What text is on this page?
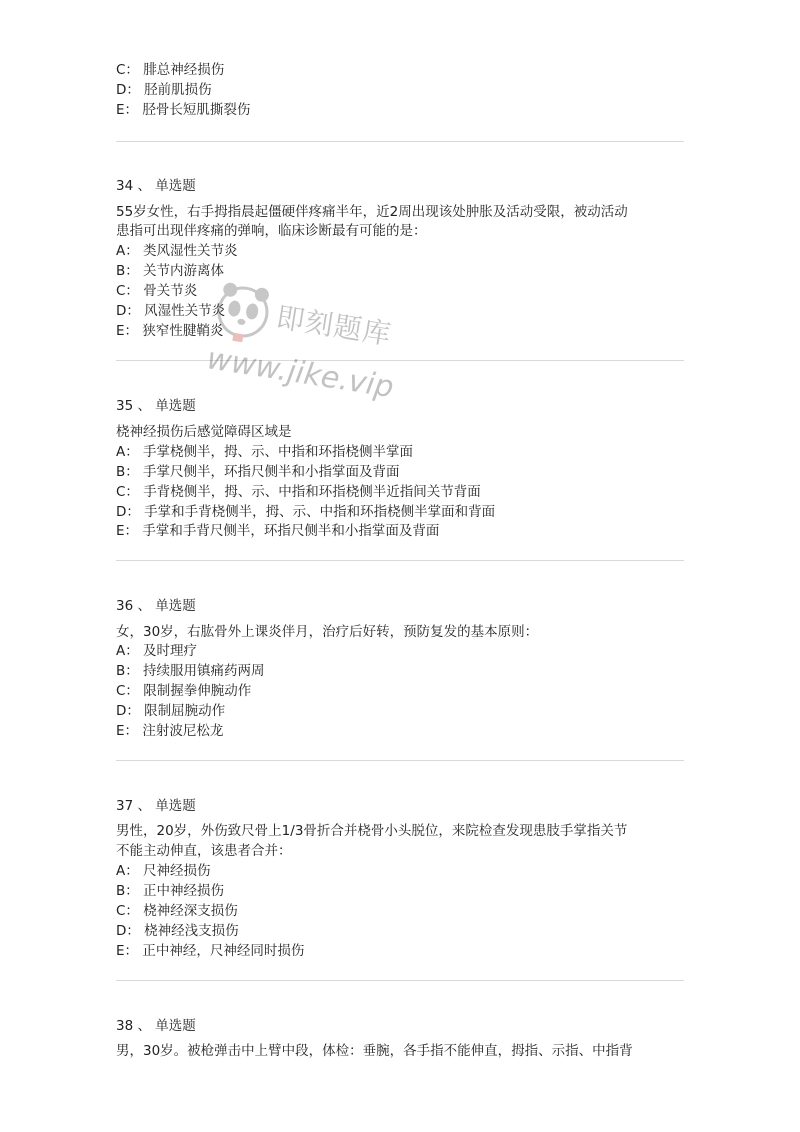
C： 腓总神经损伤
D： 胫前肌损伤
E： 胫骨长短肌撕裂伤
34 、 单选题
55岁女性，右手拇指晨起僵硬伴疼痛半年，近2周出现该处肿胀及活动受限，被动活动
患指可出现伴疼痛的弹响，临床诊断最有可能的是：
A： 类风湿性关节炎
B： 关节内游离体
C： 骨关节炎
D： 风湿性关节炎
E： 狭窄性腱鞘炎
35 、 单选题
桡神经损伤后感觉障碍区域是
A： 手掌桡侧半，拇、示、中指和环指桡侧半掌面
B： 手掌尺侧半，环指尺侧半和小指掌面及背面
C： 手背桡侧半，拇、示、中指和环指桡侧半近指间关节背面
D： 手掌和手背桡侧半，拇、示、中指和环指桡侧半掌面和背面
E： 手掌和手背尺侧半，环指尺侧半和小指掌面及背面
36 、 单选题
女，30岁，右肱骨外上课炎伴月，治疗后好转，预防复发的基本原则：
A： 及时理疗
B： 持续服用镇痛药两周
C： 限制握拳伸腕动作
D： 限制屈腕动作
E： 注射波尼松龙
37 、 单选题
男性，20岁，外伤致尺骨上1/3骨折合并桡骨小头脱位，来院检查发现患肢手掌指关节
不能主动伸直，该患者合并：
A： 尺神经损伤
B： 正中神经损伤
C： 桡神经深支损伤
D： 桡神经浅支损伤
E： 正中神经，尺神经同时损伤
38 、 单选题
男，30岁。被枪弹击中上臂中段，体检：垂腕，各手指不能伸直，拇指、示指、中指背
即刻题库
www.jike.vip
